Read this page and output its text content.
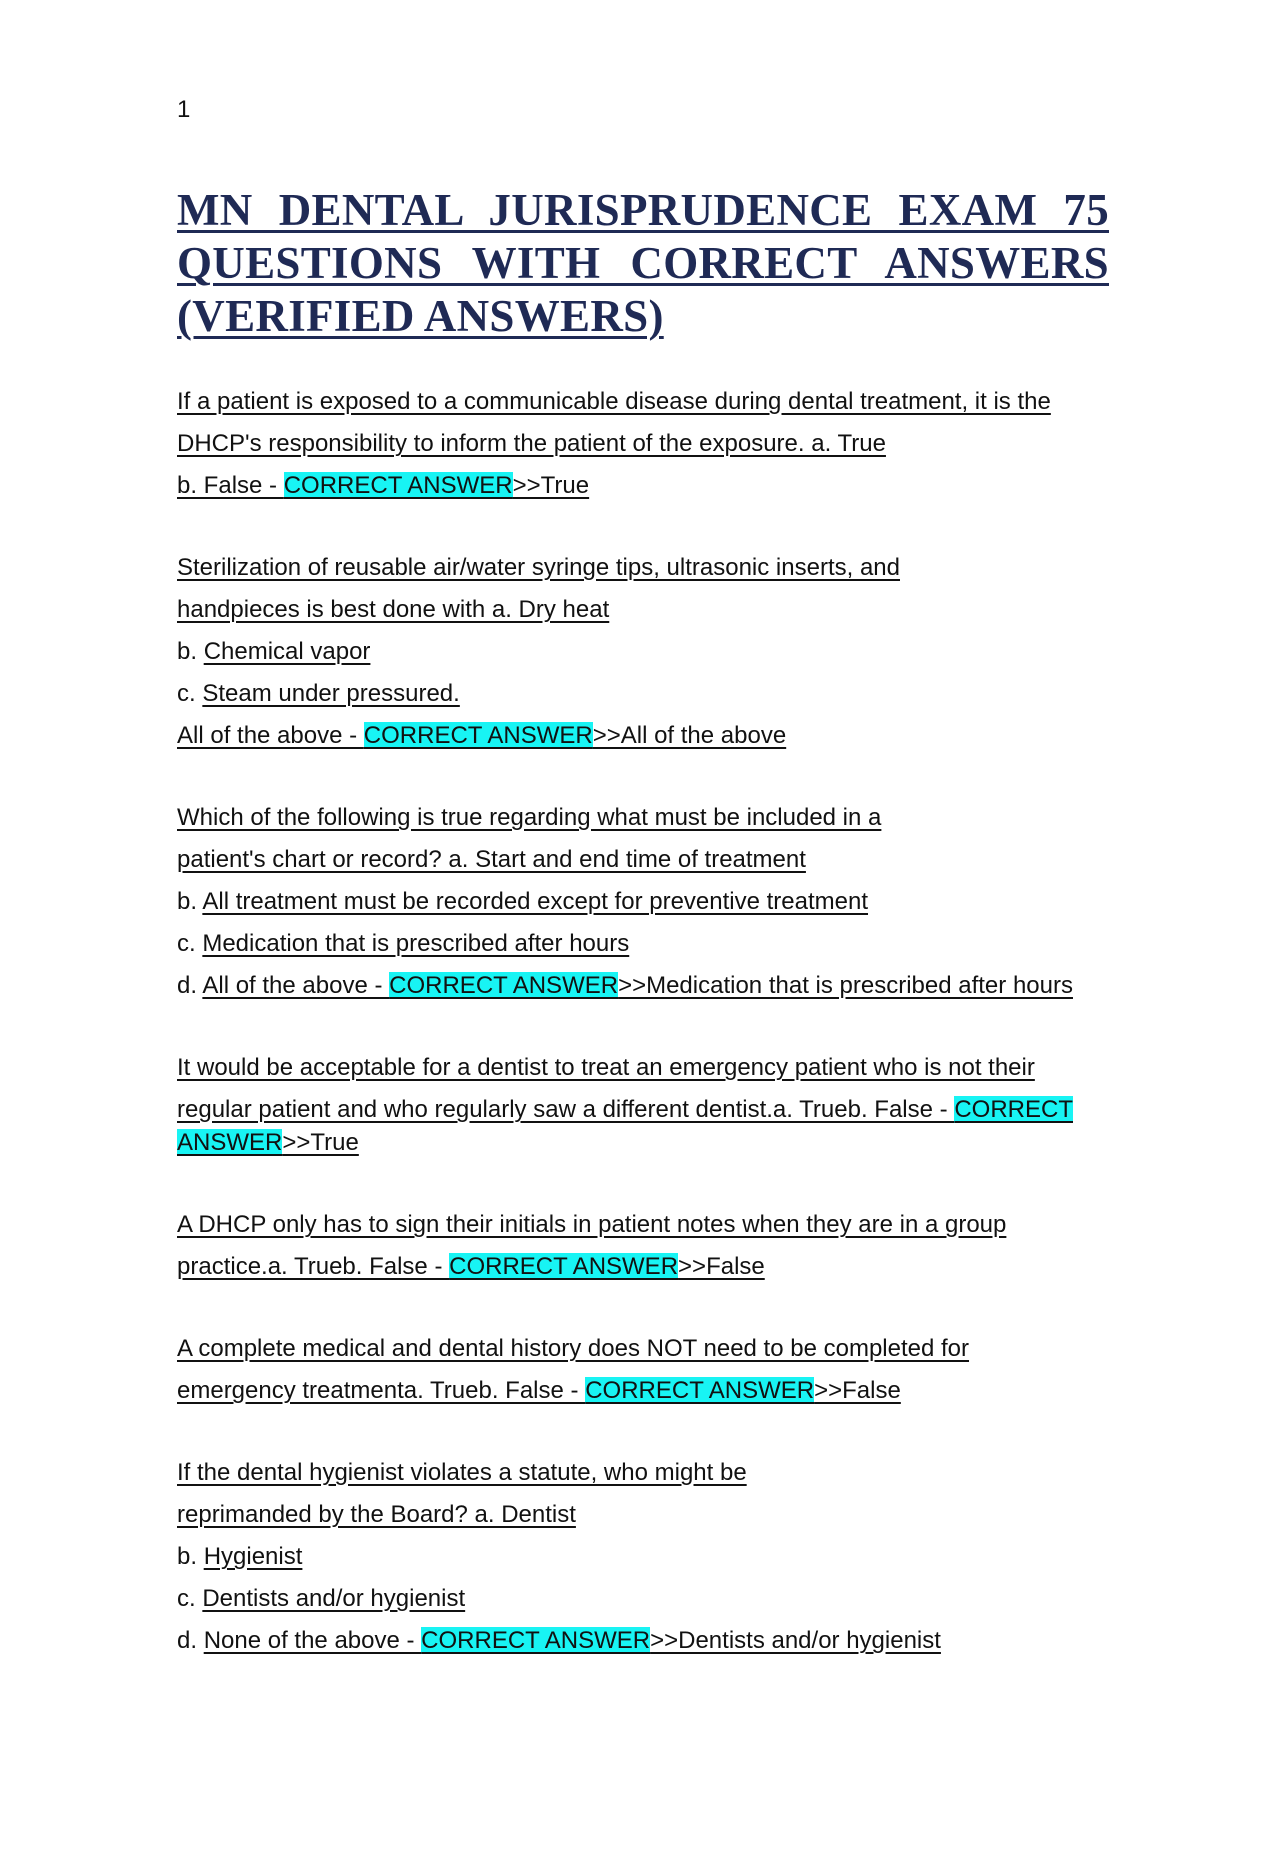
1
MN DENTAL JURISPRUDENCE EXAM 75 QUESTIONS WITH CORRECT ANSWERS (VERIFIED ANSWERS)
If a patient is exposed to a communicable disease during dental treatment, it is the
DHCP's responsibility to inform the patient of the exposure. a. True
b. False - CORRECT ANSWER>>True
Sterilization of reusable air/water syringe tips, ultrasonic inserts, and
handpieces is best done with a. Dry heat
b. Chemical vapor
c. Steam under pressured.
All of the above - CORRECT ANSWER>>All of the above
Which of the following is true regarding what must be included in a
patient's chart or record? a. Start and end time of treatment
b. All treatment must be recorded except for preventive treatment
c. Medication that is prescribed after hours
d. All of the above - CORRECT ANSWER>>Medication that is prescribed after hours
It would be acceptable for a dentist to treat an emergency patient who is not their
regular patient and who regularly saw a different dentist.a. Trueb. False - CORRECT
ANSWER>>True
A DHCP only has to sign their initials in patient notes when they are in a group
practice.a. Trueb. False - CORRECT ANSWER>>False
A complete medical and dental history does NOT need to be completed for
emergency treatmenta. Trueb. False - CORRECT ANSWER>>False
If the dental hygienist violates a statute, who might be
reprimanded by the Board? a. Dentist
b. Hygienist
c. Dentists and/or hygienist
d. None of the above - CORRECT ANSWER>>Dentists and/or hygienist
